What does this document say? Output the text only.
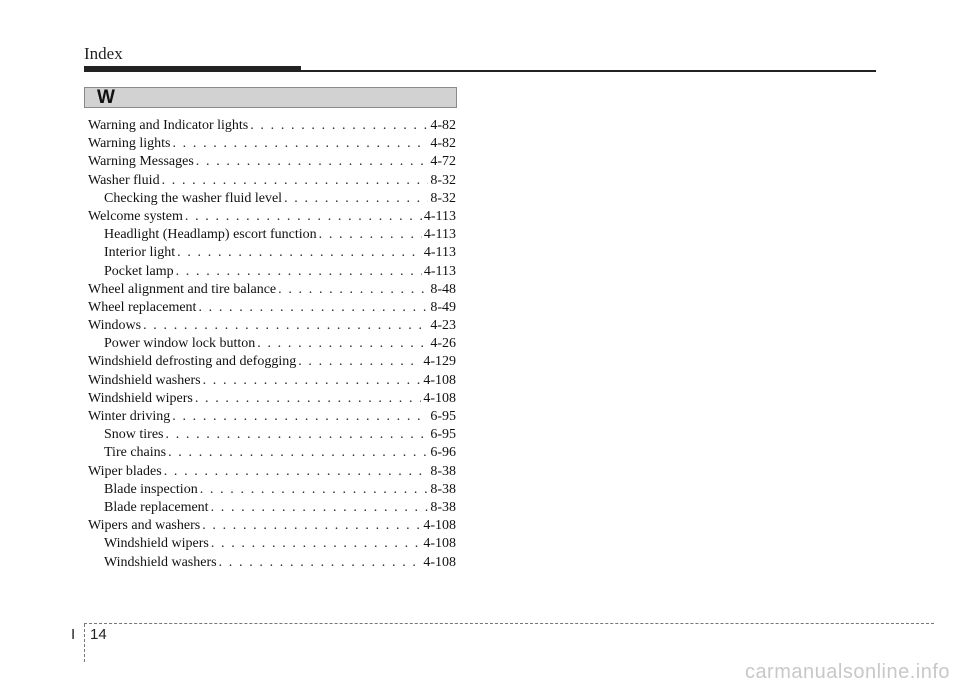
Index
W
Warning and Indicator lights . . .	4-82
Warning lights . . .	4-82
Warning Messages . . .	4-72
Washer fluid . . .	8-32
Checking the washer fluid level . . .	8-32
Welcome system . . .	4-113
Headlight (Headlamp) escort function . . .	4-113
Interior light . . .	4-113
Pocket lamp . . .	4-113
Wheel alignment and tire balance . . .	8-48
Wheel replacement . . .	8-49
Windows . . .	4-23
Power window lock button . . .	4-26
Windshield defrosting and defogging . . .	4-129
Windshield washers . . .	4-108
Windshield wipers . . .	4-108
Winter driving . . .	6-95
Snow tires . . .	6-95
Tire chains . . .	6-96
Wiper blades . . .	8-38
Blade inspection . . .	8-38
Blade replacement . . .	8-38
Wipers and washers . . .	4-108
Windshield wipers . . .	4-108
Windshield washers . . .	4-108
I 14
carmanualsonline.info
